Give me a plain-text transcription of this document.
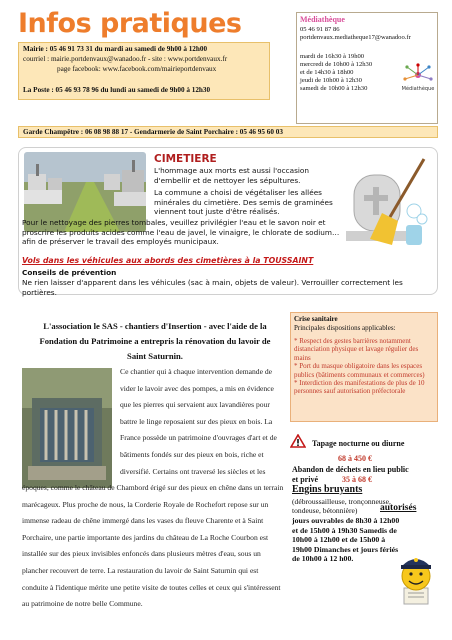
Infos pratiques
Mairie : 05 46 91 73 31 du mardi au samedi de 9h00 à 12h00
courriel : mairie.portdenvaux@wanadoo.fr - site : www.portdenvaux.fr
page facebook: www.facebook.com/mairieportdenvaux
La Poste : 05 46 93 78 96 du lundi au samedi de 9h00 à 12h30
Médiathèque
05 46 91 87 86
portdenvaux.mediatheque17@wanadoo.fr
mardi de 16h30 à 19h00
mercredi de 10h00 à 12h30
et de 14h30 à 18h00
jeudi de 10h00 à 12h30
samedi de 10h00 à 12h30	Médiathèque
Garde Champêtre : 06 08 98 88 17 - Gendarmerie de Saint Porchaire : 05 46 95 60 03
CIMETIERE
L'hommage aux morts est aussi l'occasion d'embellir et de nettoyer les sépultures.
La commune a choisi de végétaliser les allées minérales du cimetière. Des semis de graminées viennent tout juste d'être réalisés.
Pour le nettoyage des pierres tombales, veuillez privilégier l'eau et le savon noir et proscrire les produits acides comme l'eau de javel, le vinaigre, le chlorate de sodium… afin de préserver le travail des employés municipaux.
Vols dans les véhicules aux abords des cimetières à la TOUSSAINT
Conseils de prévention
Ne rien laisser d'apparent dans les véhicules (sac à main, objets de valeur). Verrouiller correctement les portières.
L'association le SAS - chantiers d'Insertion - avec l'aide de la Fondation du Patrimoine a entrepris la rénovation du lavoir de Saint Saturnin.
Ce chantier qui à chaque intervention demande de vider le lavoir avec des pompes, a mis en évidence que les pierres qui servaient aux lavandières pour battre le linge reposaient sur des pieux en bois. La France possède un patrimoine d'ouvrages d'art et de bâtiments fondés sur des pieux en bois, riche et diversifié. Certains ont traversé les siècles et les
époques, comme le château de Chambord érigé sur des pieux en chêne dans un terrain marécageux. Plus proche de nous, la Corderie Royale de Rochefort repose sur un immense radeau de chêne immergé dans les vases du fleuve Charente et à Saint Porchaire, une partie importante des jardins du château de La Roche Courbon est installée sur des pieux invisibles enfoncés dans plusieurs mètres d'eau, sous un plancher recouvert de terre. La restauration du lavoir de Saint Saturnin qui est conduite à l'identique mérite une petite visite de toutes celles et ceux qui s'intéressent au patrimoine de notre belle Commune.
Crise sanitaire
Principales dispositions applicables:
* Respect des gestes barrières notamment distanciation physique et lavage régulier des mains
* Port du masque obligatoire dans les espaces publics (bâtiments communaux et commerces)
* Interdiction des manifestations de plus de 10 personnes sauf autorisation préfectorale
Tapage nocturne ou diurne
68 à 450 €
Abandon de déchets en lieu public
et privé	35 à 68 €
Engins bruyants
(débroussailleuse, tronçonneuse, tondeuse, bétonnière)	autorisés
jours ouvrables de 8h30 à 12h00 et de 15h00 à 19h30 Samedis de 10h00 à 12h00 et de 15h00 à 19h00 Dimanches et jours fériés de 10h00 à 12 h00.
